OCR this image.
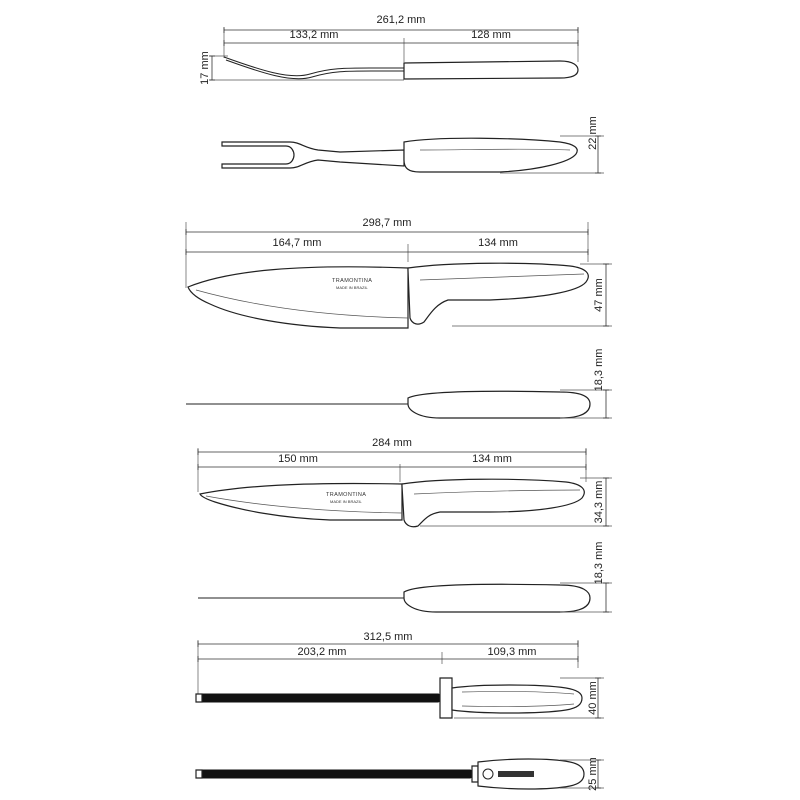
261,2 mm
133,2 mm	128 mm
17 mm
22 mm
298,7 mm
164,7 mm	134 mm
TRAMONTINA
MADE IN BRAZIL	47 mm
18,3 mm
284 mm
150 mm	134 mm
TRAMONTINA
MADE IN BRAZIL	34,3 mm
18,3 mm
312,5 mm
203,2 mm	109,3 mm
40 mm
25 mm
